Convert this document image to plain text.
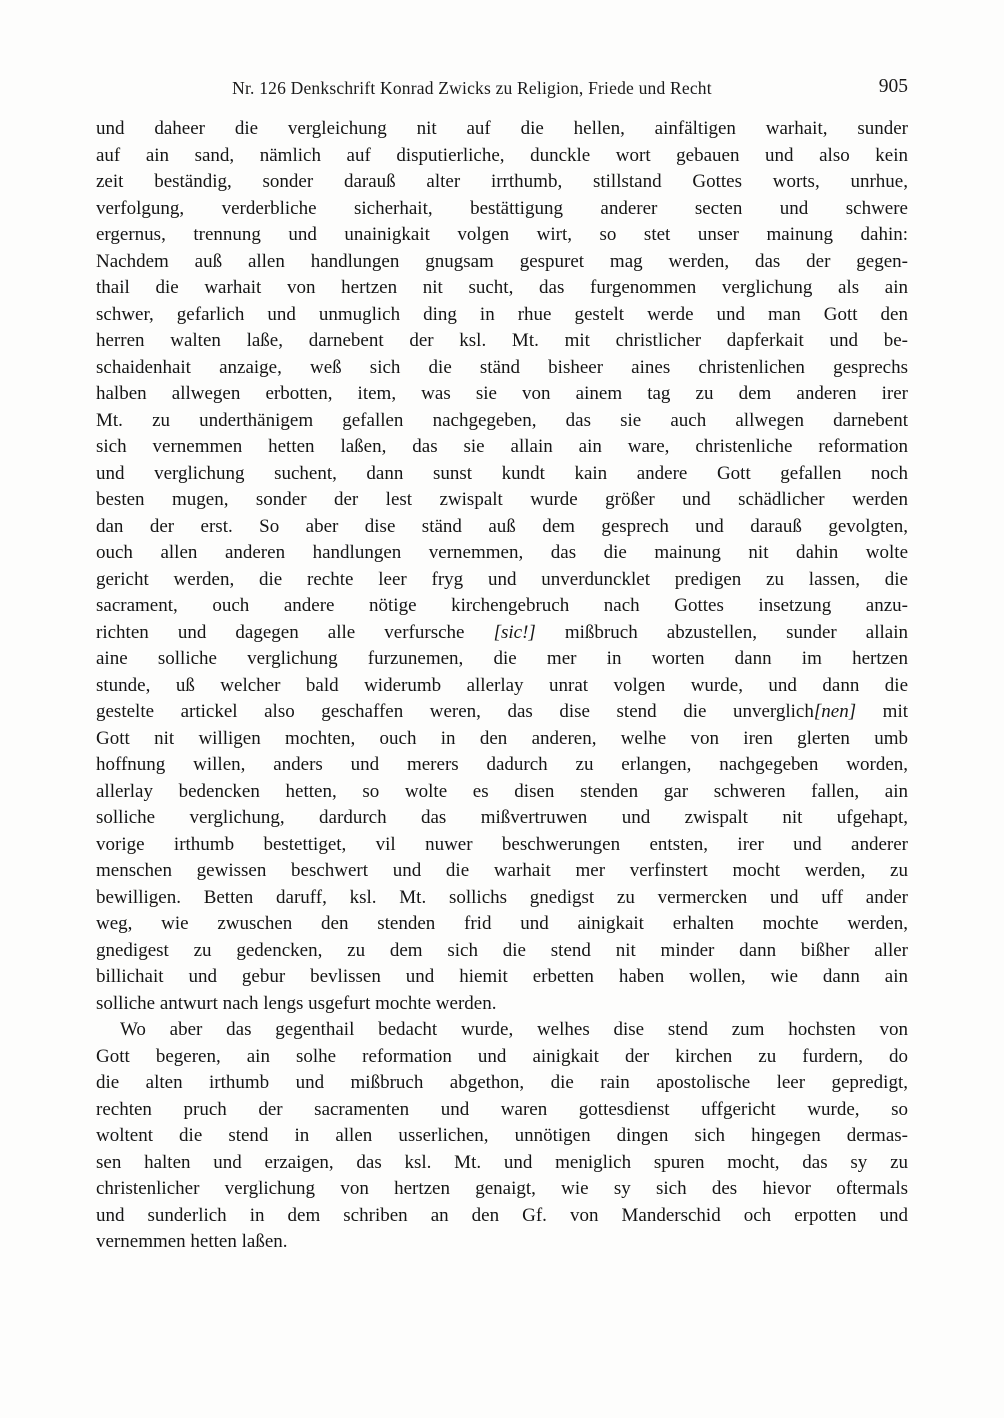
Nr. 126 Denkschrift Konrad Zwicks zu Religion, Friede und Recht	905
und daheer die vergleichung nit auf die hellen, ainfältigen warhait, sunder
auf ain sand, nämlich auf disputierliche, dunckle wort gebauen und also kein
zeit beständig, sonder darauß alter irrthumb, stillstand Gottes worts, unrhue,
verfolgung, verderbliche sicherhait, bestättigung anderer secten und schwere
ergernus, trennung und unainigkait volgen wirt, so stet unser mainung dahin:
Nachdem auß allen handlungen gnugsam gespuret mag werden, das der gegen-
thail die warhait von hertzen nit sucht, das furgenommen verglichung als ain
schwer, gefarlich und unmuglich ding in rhue gestelt werde und man Gott den
herren walten laße, darnebent der ksl. Mt. mit christlicher dapferkait und be-
schaidenhait anzaige, weß sich die ständ bisheer aines christenlichen gesprechs
halben allwegen erbotten, item, was sie von ainem tag zu dem anderen irer
Mt. zu underthänigem gefallen nachgegeben, das sie auch allwegen darnebent
sich vernemmen hetten laßen, das sie allain ain ware, christenliche reformation
und verglichung suchent, dann sunst kundt kain andere Gott gefallen noch
besten mugen, sonder der lest zwispalt wurde größer und schädlicher werden
dan der erst. So aber dise ständ auß dem gesprech und darauß gevolgten,
ouch allen anderen handlungen vernemmen, das die mainung nit dahin wolte
gericht werden, die rechte leer fryg und unverduncklet predigen zu lassen, die
sacrament, ouch andere nötige kirchengebruch nach Gottes insetzung anzu-
richten und dagegen alle verfursche [sic!] mißbruch abzustellen, sunder allain
aine solliche verglichung furzunemen, die mer in worten dann im hertzen
stunde, uß welcher bald widerumb allerlay unrat volgen wurde, und dann die
gestelte artickel also geschaffen weren, das dise stend die unverglich[nen] mit
Gott nit willigen mochten, ouch in den anderen, welhe von iren glerten umb
hoffnung willen, anders und merers dadurch zu erlangen, nachgegeben worden,
allerlay bedencken hetten, so wolte es disen stenden gar schweren fallen, ain
solliche verglichung, dardurch das mißvertruwen und zwispalt nit ufgehapt,
vorige irthumb bestettiget, vil nuwer beschwerungen entsten, irer und anderer
menschen gewissen beschwert und die warhait mer verfinstert mocht werden, zu
bewilligen. Betten daruff, ksl. Mt. sollichs gnedigst zu vermercken und uff ander
weg, wie zwuschen den stenden frid und ainigkait erhalten mochte werden,
gnedigest zu gedencken, zu dem sich die stend nit minder dann bißher aller
billichait und gebur bevlissen und hiemit erbetten haben wollen, wie dann ain
solliche antwurt nach lengs usgefurt mochte werden.
Wo aber das gegenthail bedacht wurde, welhes dise stend zum hochsten von
Gott begeren, ain solhe reformation und ainigkait der kirchen zu furdern, do
die alten irthumb und mißbruch abgethon, die rain apostolische leer gepredigt,
rechten pruch der sacramenten und waren gottesdienst uffgericht wurde, so
woltent die stend in allen usserlichen, unnötigen dingen sich hingegen dermas-
sen halten und erzaigen, das ksl. Mt. und meniglich spuren mocht, das sy zu
christenlicher verglichung von hertzen genaigt, wie sy sich des hievor oftermals
und sunderlich in dem schriben an den Gf. von Manderschid och erpotten und
vernemmen hetten laßen.
